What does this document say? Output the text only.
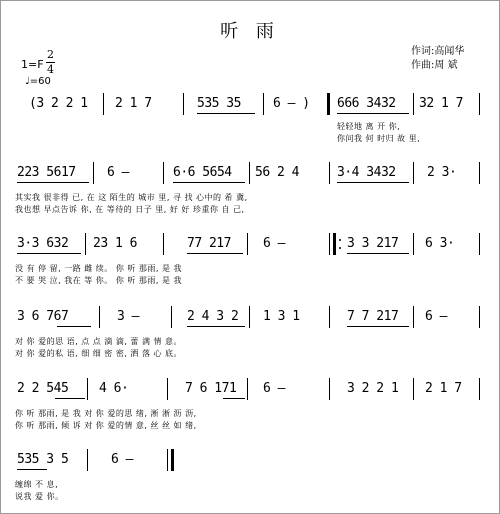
听 雨
作词:高闻华
作曲:周 斌
1=F
2
4
♩=60
(3 2 2 1 2 1 7	535 35 6 – ) 666 3432 32 1 7
轻轻地 离 开 你,
你问我 何 时归 故 里,
223 5617 6 –	6·6 5654 56 2 4	3·4 3432 2 3·
其实我 很非得 已, 在 这 陌生的 城市 里, 寻 找 心中的 希 冀,
我也想 早点告诉 你, 在 等待的 日子 里, 好 好 珍重你 自 己,
3·3 632 23 1 6	77 217 6 –	3 3 217 6 3·
没 有 停 留, 一路 雌 续。 你 听 那雨, 是 我
不 要 哭 泣, 我在 等 你。 你 听 那雨, 是 我
3 6 767	3 –	2 4 3 2 1 3 1	7 7 217 6 –
对 你 爱的思 语, 点 点 滴 滴, 蕾 满 情 意。
对 你 爱的私 语, 细 细 密 密, 洒 落 心 底。
2 2 545 4 6·	7 6 171 6 –	3 2 2 1 2 1 7
你 听 那雨, 是 我 对 你 爱的思 绪, 淅 淅 沥 沥,
你 听 那雨, 倾 诉 对 你 爱的情 意, 丝 丝 如 绪,
535 3 5	6 –
缠绵 不 息,
说我 爱 你。
